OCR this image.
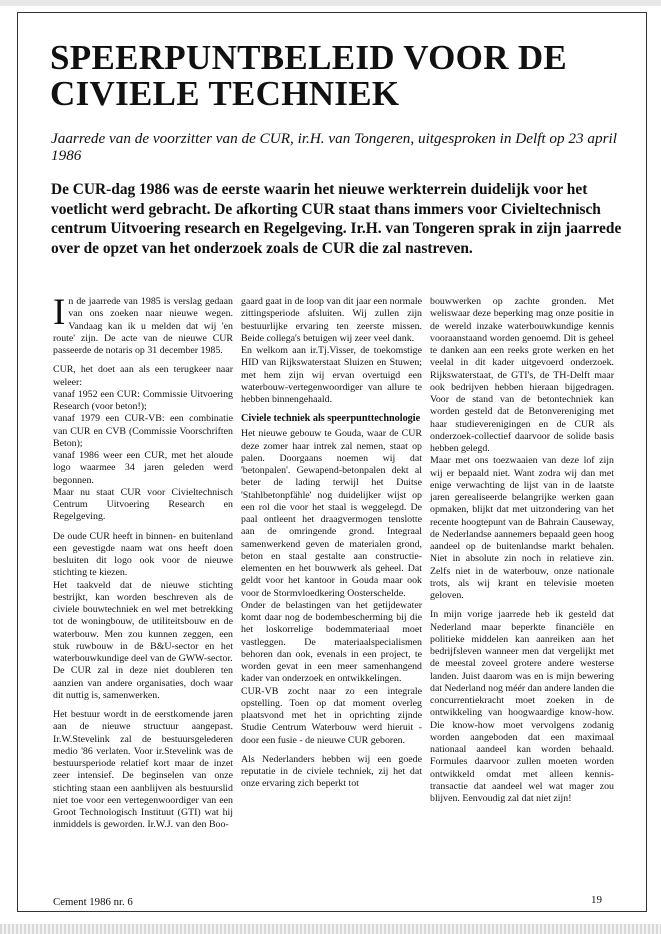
SPEERPUNTBELEID VOOR DE CIVIELE TECHNIEK

Jaarrede van de voorzitter van de CUR, ir.H. van Tongeren, uitgesproken in Delft op 23 april 1986

De CUR-dag 1986 was de eerste waarin het nieuwe werkterrein duidelijk voor het voetlicht werd gebracht. De afkorting CUR staat thans immers voor Civieltechnisch centrum Uitvoering research en Regelgeving. Ir.H. van Tongeren sprak in zijn jaarrede over de opzet van het onderzoek zoals de CUR die zal nastreven.

In de jaarrede van 1985 is verslag gedaan van ons zoeken naar nieuwe wegen. Vandaag kan ik u melden dat wij 'en route' zijn. De acte van de nieuwe CUR passeerde de notaris op 31 december 1985.

CUR, het doet aan als een terugkeer naar weleer:

vanaf 1952 een CUR: Commissie Uitvoering Research (voor beton!);

vanaf 1979 een CUR-VB: een combinatie van CUR en CVB (Commissie Voorschriften Beton);

vanaf 1986 weer een CUR, met het aloude logo waarmee 34 jaren geleden werd begonnen.

Maar nu staat CUR voor Civieltechnisch Centrum Uitvoering Research en Regelgeving.

De oude CUR heeft in binnen- en buitenland een gevestigde naam wat ons heeft doen besluiten dit logo ook voor de nieuwe stichting te kiezen.

Het taakveld dat de nieuwe stichting bestrijkt, kan worden beschreven als de civiele bouwtechniek en wel met betrekking tot de woningbouw, de utiliteitsbouw en de waterbouw. Men zou kunnen zeggen, een stuk ruwbouw in de B&U-sector en het waterbouwkundige deel van de GWW-sector.

De CUR zal in deze niet doubleren ten aanzien van andere organisaties, doch waar dit nuttig is, samenwerken.

Het bestuur wordt in de eerstkomende jaren aan de nieuwe structuur aangepast. Ir.W.Stevelink zal de bestuursgelederen medio '86 verlaten. Voor ir.Stevelink was de bestuursperiode relatief kort maar de inzet zeer intensief. De beginselen van onze stichting staan een aanblijven als bestuurslid niet toe voor een vertegenwoordiger van een Groot Technologisch Instituut (GTI) wat hij inmiddels is geworden. Ir.W.J. van den Boo-

gaard gaat in de loop van dit jaar een normale zittingsperiode afsluiten. Wij zullen zijn bestuurlijke ervaring ten zeerste missen. Beide collega's betuigen wij zeer veel dank.

En welkom aan ir.Tj.Visser, de toekomstige HID van Rijkswaterstaat Sluizen en Stuwen; met hem zijn wij ervan overtuigd een waterbouw-vertegenwoordiger van allure te hebben binnengehaald.

Civiele techniek als speerpunttechnologie

Het nieuwe gebouw te Gouda, waar de CUR deze zomer haar intrek zal nemen, staat op palen. Doorgaans noemen wij dat 'betonpalen'. Gewapend-betonpalen dekt al beter de lading terwijl het Duitse 'Stahlbetonpfähle' nog duidelijker wijst op een rol die voor het staal is weggelegd. De paal ontleent het draagvermogen tenslotte aan de omringende grond. Integraal samenwerkend geven de materialen grond, beton en staal gestalte aan constructie-elementen en het bouwwerk als geheel. Dat geldt voor het kantoor in Gouda maar ook voor de Stormvloedkering Oosterschelde.

Onder de belastingen van het getijdewater komt daar nog de bodembescherming bij die het loskorrelige bodemmateriaal moet vastleggen. De materiaalspecialismen behoren dan ook, evenals in een project, te worden gevat in een meer samenhangend kader van onderzoek en ontwikkelingen.

CUR-VB zocht naar zo een integrale opstelling. Toen op dat moment overleg plaatsvond met het in oprichting zijnde Studie Centrum Waterbouw werd hieruit - door een fusie - de nieuwe CUR geboren.

Als Nederlanders hebben wij een goede reputatie in de civiele techniek, zij het dat onze ervaring zich beperkt tot

bouwwerken op zachte gronden. Met weliswaar deze beperking mag onze positie in de wereld inzake waterbouwkundige kennis vooraanstaand worden genoemd. Dit is geheel te danken aan een reeks grote werken en het veelal in dit kader uitgevoerd onderzoek. Rijkswaterstaat, de GTI's, de TH-Delft maar ook bedrijven hebben hieraan bijgedragen. Voor de stand van de betontechniek kan worden gesteld dat de Betonvereniging met haar studieverenigingen en de CUR als onderzoek-collectief daarvoor de solide basis hebben gelegd.

Maar met ons toezwaaien van deze lof zijn wij er bepaald niet. Want zodra wij dan met enige verwachting de lijst van in de laatste jaren gerealiseerde belangrijke werken gaan opmaken, blijkt dat met uitzondering van het recente hoogtepunt van de Bahrain Causeway, de Nederlandse aannemers bepaald geen hoog aandeel op de buitenlandse markt behalen. Niet in absolute zin noch in relatieve zin. Zelfs niet in de waterbouw, onze nationale trots, als wij krant en televisie moeten geloven.

In mijn vorige jaarrede heb ik gesteld dat Nederland maar beperkte financiële en politieke middelen kan aanreiken aan het bedrijfsleven wanneer men dat vergelijkt met de meestal zoveel grotere andere westerse landen. Juist daarom was en is mijn bewering dat Nederland nog méér dan andere landen die concurrentiekracht moet zoeken in de ontwikkeling van hoogwaardige know-how. Die know-how moet vervolgens zodanig worden aangeboden dat een maximaal nationaal aandeel kan worden behaald. Formules daarvoor zullen moeten worden ontwikkeld omdat met alleen kennis-transactie dat aandeel wel wat mager zou blijven. Eenvoudig zal dat niet zijn!

Cement 1986 nr. 6	19
